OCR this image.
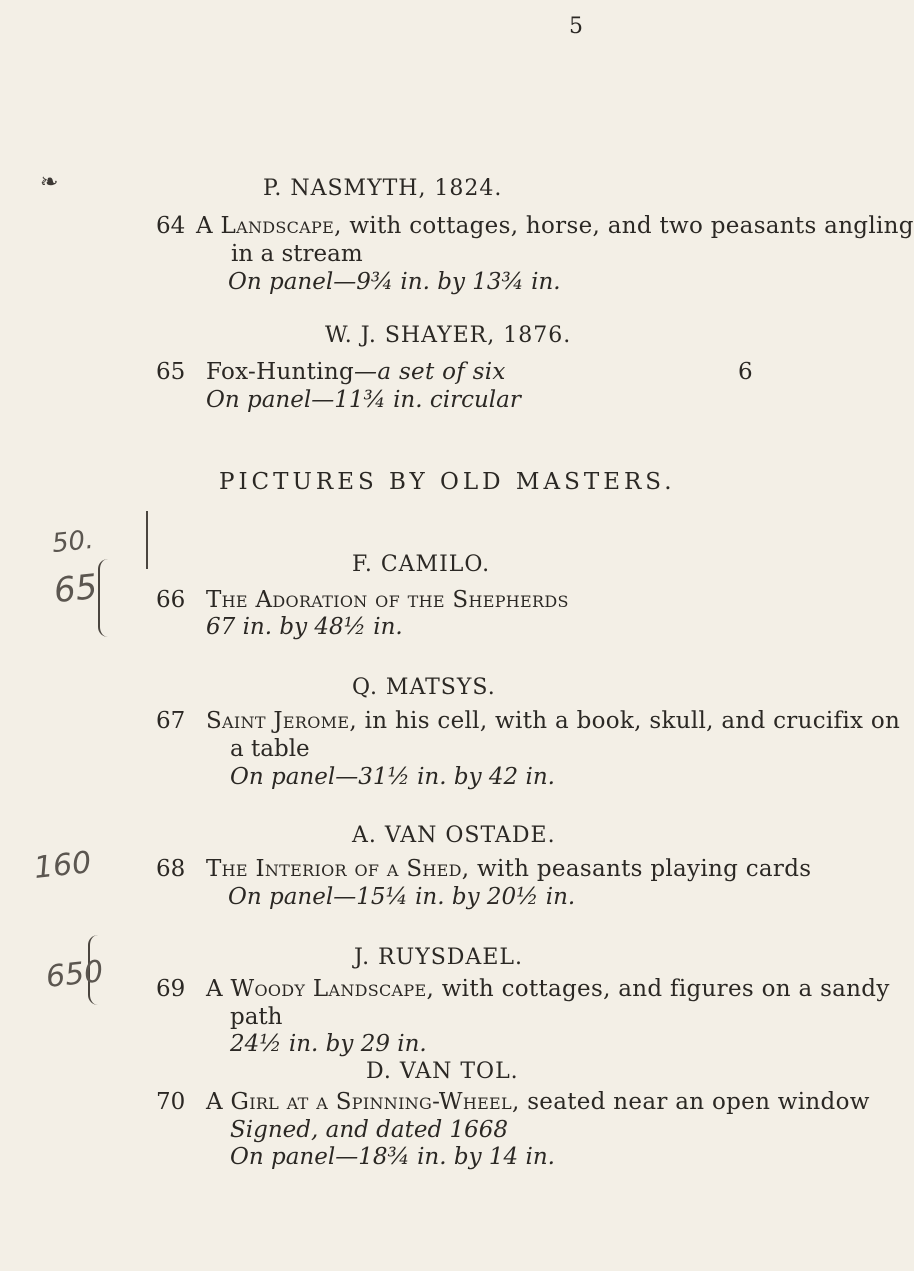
5
❧
50.
65
160
650
P. NASMYTH, 1824.
64 A Landscape, with cottages, horse, and two peasants angling
in a stream
On panel—9¾ in. by 13¾ in.
W. J. SHAYER, 1876.
65 Fox-Hunting—a set of six	6
On panel—11¾ in. circular
PICTURES BY OLD MASTERS.
F. CAMILO.
66 The Adoration of the Shepherds
67 in. by 48½ in.
Q. MATSYS.
67 Saint Jerome, in his cell, with a book, skull, and crucifix on
a table
On panel—31½ in. by 42 in.
A. VAN OSTADE.
68 The Interior of a Shed, with peasants playing cards
On panel—15¼ in. by 20½ in.
J. RUYSDAEL.
69 A Woody Landscape, with cottages, and figures on a sandy
path
24½ in. by 29 in.
D. VAN TOL.
70 A Girl at a Spinning-Wheel, seated near an open window
Signed, and dated 1668
On panel—18¾ in. by 14 in.
